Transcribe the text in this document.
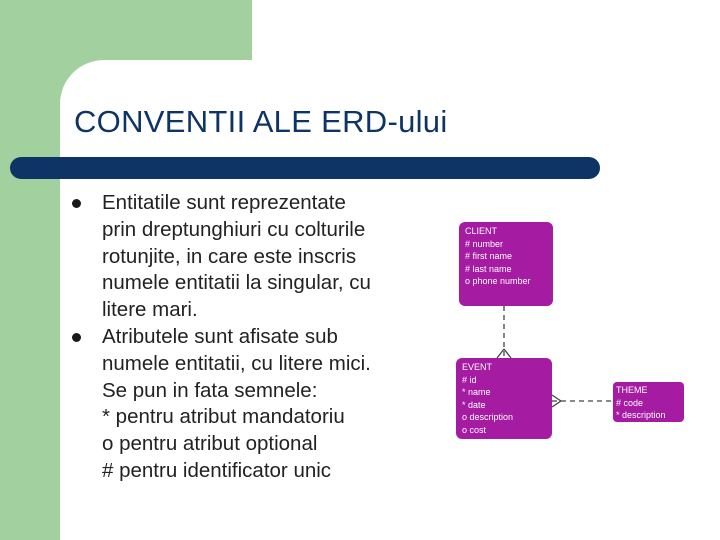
CONVENTII ALE ERD-ului
Entitatile sunt reprezentate
prin dreptunghiuri cu colturile
rotunjite, in care este inscris
numele entitatii la singular, cu
litere mari.
Atributele sunt afisate sub
numele entitatii, cu litere mici.
Se pun in fata semnele:
* pentru atribut mandatoriu
o pentru atribut optional
# pentru identificator unic
CLIENT
# number
# first name
# last name
o phone number
EVENT
# id
* name
* date
o description
o cost
THEME
# code
* description
